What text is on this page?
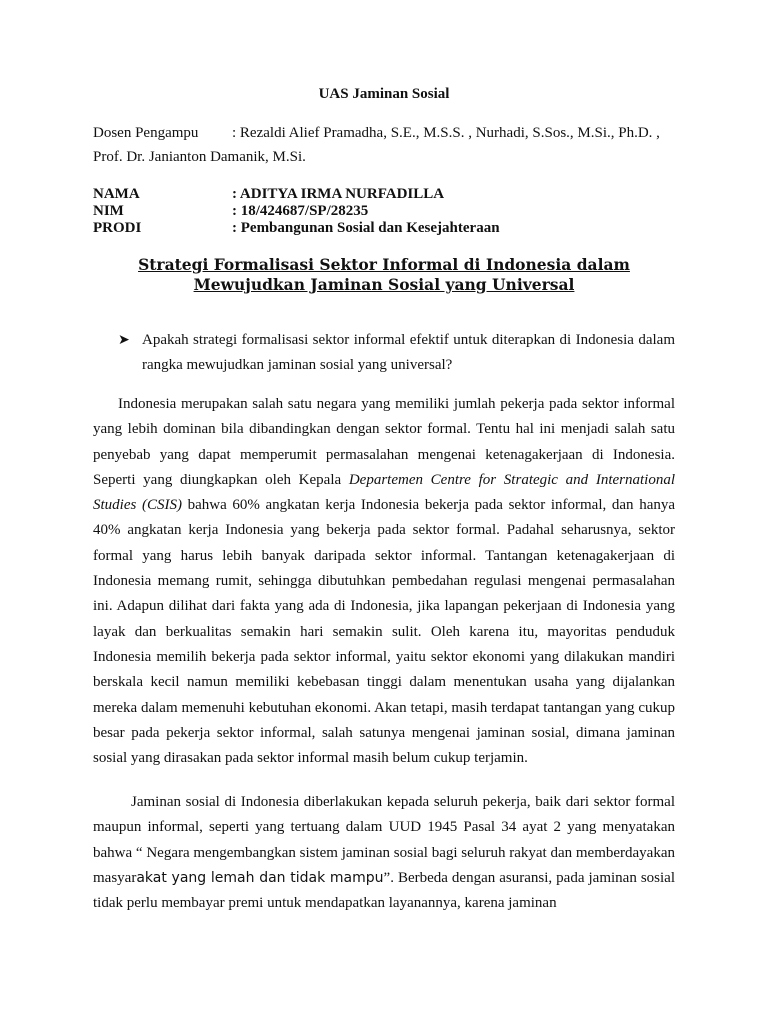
UAS Jaminan Sosial
Dosen Pengampu : Rezaldi Alief Pramadha, S.E., M.S.S. , Nurhadi, S.Sos., M.Si., Ph.D. ,
Prof. Dr. Janianton Damanik, M.Si.
NAMA	: ADITYA IRMA NURFADILLA
NIM	: 18/424687/SP/28235
PRODI	: Pembangunan Sosial dan Kesejahteraan
Strategi Formalisasi Sektor Informal di Indonesia dalam Mewujudkan Jaminan Sosial yang Universal
➤ Apakah strategi formalisasi sektor informal efektif untuk diterapkan di Indonesia dalam rangka mewujudkan jaminan sosial yang universal?

Indonesia merupakan salah satu negara yang memiliki jumlah pekerja pada sektor informal yang lebih dominan bila dibandingkan dengan sektor formal. Tentu hal ini menjadi salah satu penyebab yang dapat memperumit permasalahan mengenai ketenagakerjaan di Indonesia. Seperti yang diungkapkan oleh Kepala Departemen Centre for Strategic and International Studies (CSIS) bahwa 60% angkatan kerja Indonesia bekerja pada sektor informal, dan hanya 40% angkatan kerja Indonesia yang bekerja pada sektor formal. Padahal seharusnya, sektor formal yang harus lebih banyak daripada sektor informal. Tantangan ketenagakerjaan di Indonesia memang rumit, sehingga dibutuhkan pembedahan regulasi mengenai permasalahan ini. Adapun dilihat dari fakta yang ada di Indonesia, jika lapangan pekerjaan di Indonesia yang layak dan berkualitas semakin hari semakin sulit. Oleh karena itu, mayoritas penduduk Indonesia memilih bekerja pada sektor informal, yaitu sektor ekonomi yang dilakukan mandiri berskala kecil namun memiliki kebebasan tinggi dalam menentukan usaha yang dijalankan mereka dalam memenuhi kebutuhan ekonomi. Akan tetapi, masih terdapat tantangan yang cukup besar pada pekerja sektor informal, salah satunya mengenai jaminan sosial, dimana jaminan sosial yang dirasakan pada sektor informal masih belum cukup terjamin.

Jaminan sosial di Indonesia diberlakukan kepada seluruh pekerja, baik dari sektor formal maupun informal, seperti yang tertuang dalam UUD 1945 Pasal 34 ayat 2 yang menyatakan bahwa “ Negara mengembangkan sistem jaminan sosial bagi seluruh rakyat dan memberdayakan masyarakat yang lemah dan tidak mampu”. Berbeda dengan asuransi, pada jaminan sosial tidak perlu membayar premi untuk mendapatkan layanannya, karena jaminan
